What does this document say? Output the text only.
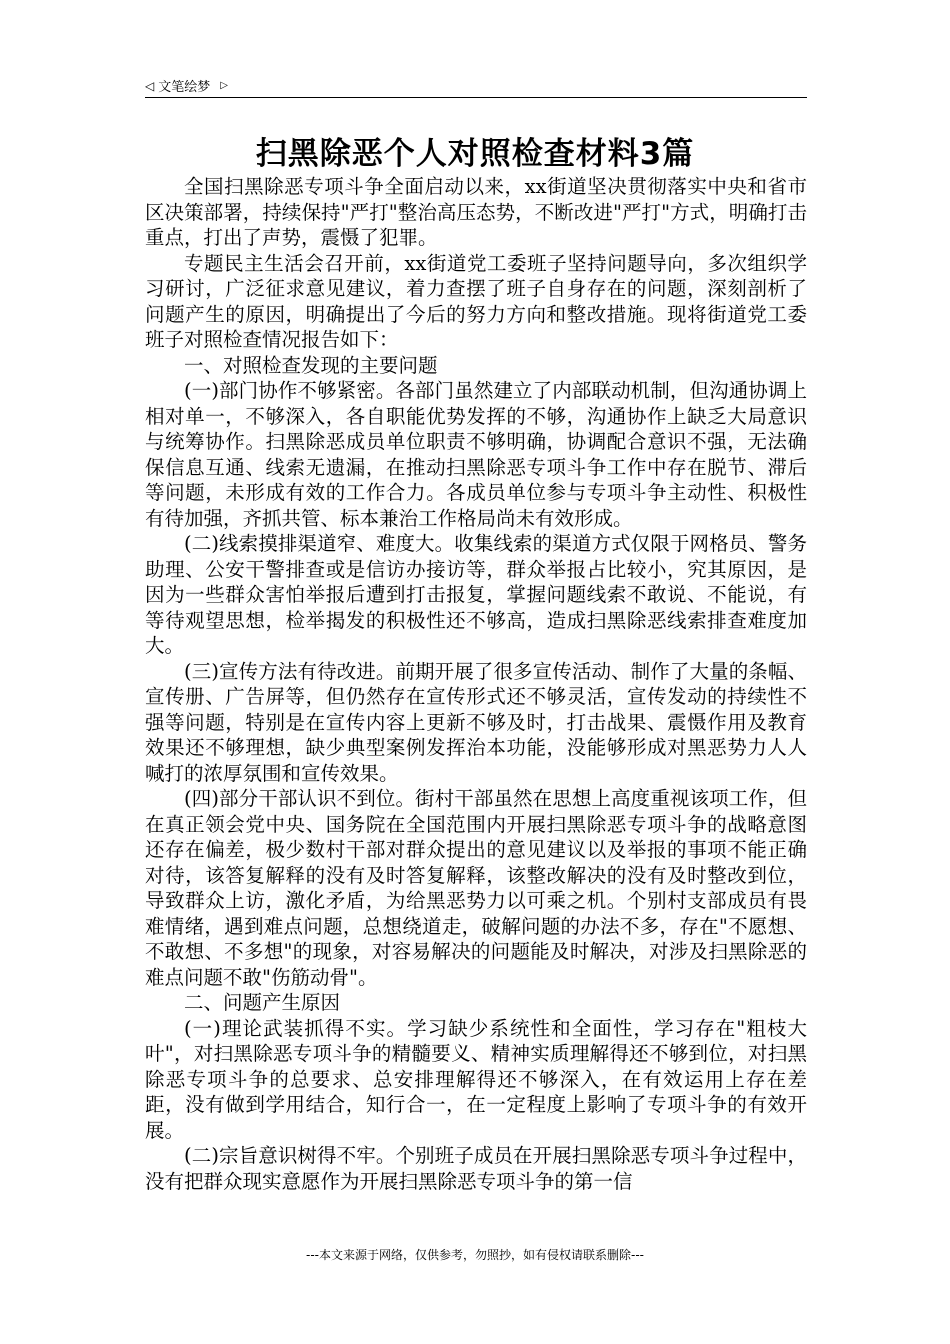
◁ 文笔绘梦 ▷
扫黑除恶个人对照检查材料3篇

全国扫黑除恶专项斗争全面启动以来，xx街道坚决贯彻落实中央和省市区决策部署，持续保持"严打"整治高压态势，不断改进"严打"方式，明确打击重点，打出了声势，震慑了犯罪。

专题民主生活会召开前，xx街道党工委班子坚持问题导向，多次组织学习研讨，广泛征求意见建议，着力查摆了班子自身存在的问题，深刻剖析了问题产生的原因，明确提出了今后的努力方向和整改措施。现将街道党工委班子对照检查情况报告如下：

一、对照检查发现的主要问题

(一)部门协作不够紧密。各部门虽然建立了内部联动机制，但沟通协调上相对单一，不够深入，各自职能优势发挥的不够，沟通协作上缺乏大局意识与统筹协作。扫黑除恶成员单位职责不够明确，协调配合意识不强，无法确保信息互通、线索无遗漏，在推动扫黑除恶专项斗争工作中存在脱节、滞后等问题，未形成有效的工作合力。各成员单位参与专项斗争主动性、积极性有待加强，齐抓共管、标本兼治工作格局尚未有效形成。

(二)线索摸排渠道窄、难度大。收集线索的渠道方式仅限于网格员、警务助理、公安干警排查或是信访办接访等，群众举报占比较小，究其原因，是因为一些群众害怕举报后遭到打击报复，掌握问题线索不敢说、不能说，有等待观望思想，检举揭发的积极性还不够高，造成扫黑除恶线索排查难度加大。

(三)宣传方法有待改进。前期开展了很多宣传活动、制作了大量的条幅、宣传册、广告屏等，但仍然存在宣传形式还不够灵活，宣传发动的持续性不强等问题，特别是在宣传内容上更新不够及时，打击战果、震慑作用及教育效果还不够理想，缺少典型案例发挥治本功能，没能够形成对黑恶势力人人喊打的浓厚氛围和宣传效果。

(四)部分干部认识不到位。街村干部虽然在思想上高度重视该项工作，但在真正领会党中央、国务院在全国范围内开展扫黑除恶专项斗争的战略意图还存在偏差，极少数村干部对群众提出的意见建议以及举报的事项不能正确对待，该答复解释的没有及时答复解释，该整改解决的没有及时整改到位，导致群众上访，激化矛盾，为给黑恶势力以可乘之机。个别村支部成员有畏难情绪，遇到难点问题，总想绕道走，破解问题的办法不多，存在"不愿想、不敢想、不多想"的现象，对容易解决的问题能及时解决，对涉及扫黑除恶的难点问题不敢"伤筋动骨"。

二、问题产生原因

(一)理论武装抓得不实。学习缺少系统性和全面性，学习存在"粗枝大叶"，对扫黑除恶专项斗争的精髓要义、精神实质理解得还不够到位，对扫黑除恶专项斗争的总要求、总安排理解得还不够深入，在有效运用上存在差距，没有做到学用结合，知行合一，在一定程度上影响了专项斗争的有效开展。

(二)宗旨意识树得不牢。个别班子成员在开展扫黑除恶专项斗争过程中，没有把群众现实意愿作为开展扫黑除恶专项斗争的第一信

---本文来源于网络，仅供参考，勿照抄，如有侵权请联系删除---
